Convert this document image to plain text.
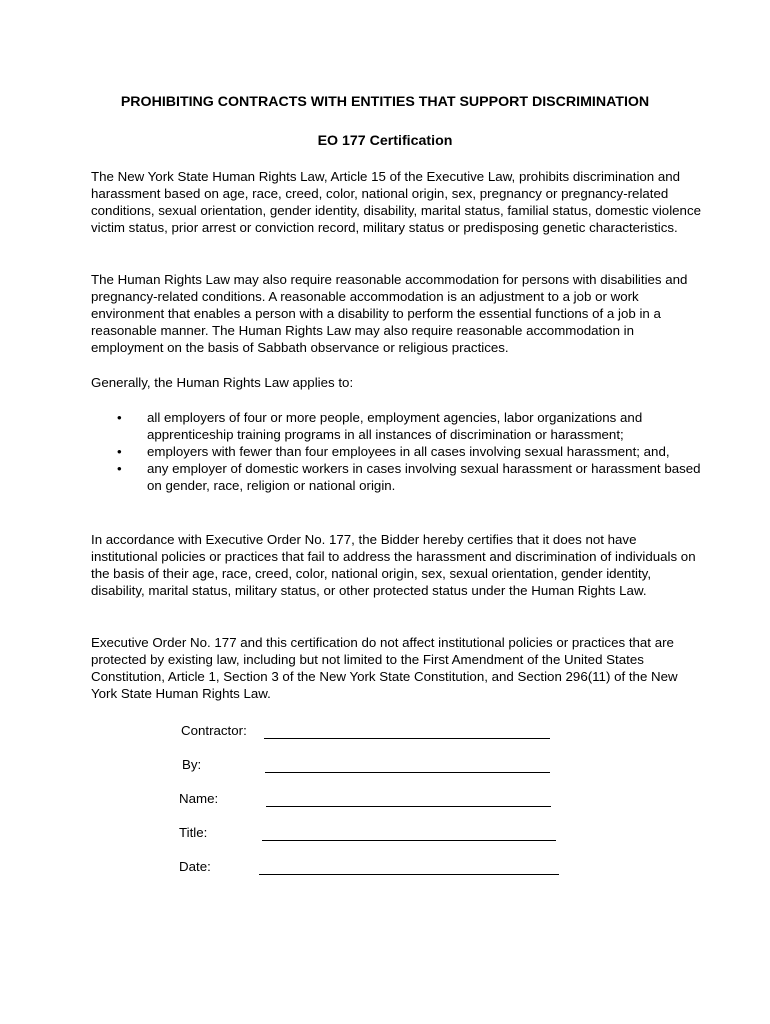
PROHIBITING CONTRACTS WITH ENTITIES THAT SUPPORT DISCRIMINATION
EO 177 Certification

The New York State Human Rights Law, Article 15 of the Executive Law, prohibits discrimination and harassment based on age, race, creed, color, national origin, sex, pregnancy or pregnancy-related conditions, sexual orientation, gender identity, disability, marital status, familial status, domestic violence victim status, prior arrest or conviction record, military status or predisposing genetic characteristics.

The Human Rights Law may also require reasonable accommodation for persons with disabilities and pregnancy-related conditions. A reasonable accommodation is an adjustment to a job or work environment that enables a person with a disability to perform the essential functions of a job in a reasonable manner. The Human Rights Law may also require reasonable accommodation in employment on the basis of Sabbath observance or religious practices.

Generally, the Human Rights Law applies to:

• all employers of four or more people, employment agencies, labor organizations and apprenticeship training programs in all instances of discrimination or harassment;
• employers with fewer than four employees in all cases involving sexual harassment; and,
• any employer of domestic workers in cases involving sexual harassment or harassment based on gender, race, religion or national origin.

In accordance with Executive Order No. 177, the Bidder hereby certifies that it does not have institutional policies or practices that fail to address the harassment and discrimination of individuals on the basis of their age, race, creed, color, national origin, sex, sexual orientation, gender identity, disability, marital status, military status, or other protected status under the Human Rights Law.

Executive Order No. 177 and this certification do not affect institutional policies or practices that are protected by existing law, including but not limited to the First Amendment of the United States Constitution, Article 1, Section 3 of the New York State Constitution, and Section 296(11) of the New York State Human Rights Law.

Contractor:
By:
Name:
Title:
Date:
